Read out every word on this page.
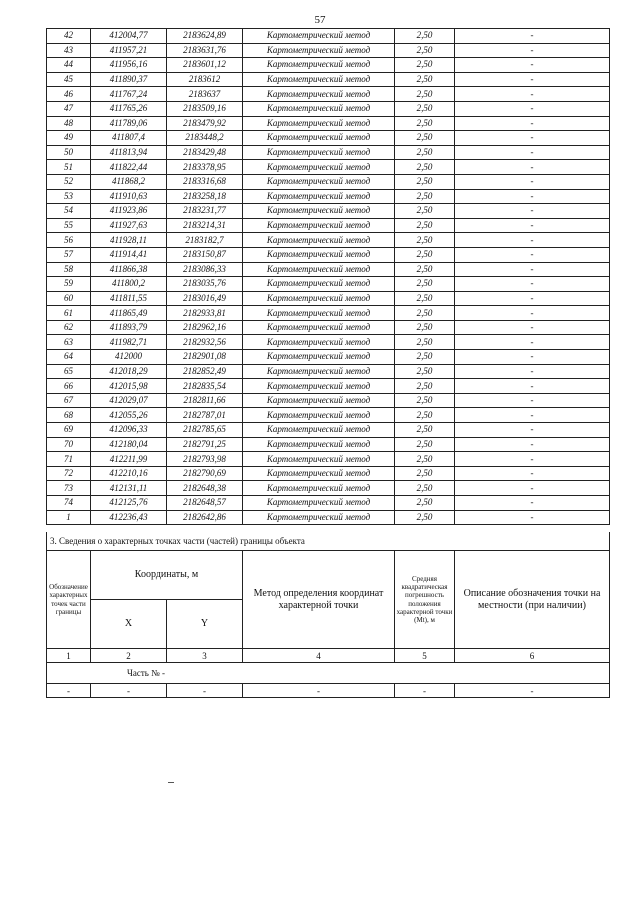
57
42	412004,77	2183624,89	Картометрический метод	2,50	-
43	411957,21	2183631,76	Картометрический метод	2,50	-
44	411956,16	2183601,12	Картометрический метод	2,50	-
45	411890,37	2183612	Картометрический метод	2,50	-
46	411767,24	2183637	Картометрический метод	2,50	-
47	411765,26	2183509,16	Картометрический метод	2,50	-
48	411789,06	2183479,92	Картометрический метод	2,50	-
49	411807,4	2183448,2	Картометрический метод	2,50	-
50	411813,94	2183429,48	Картометрический метод	2,50	-
51	411822,44	2183378,95	Картометрический метод	2,50	-
52	411868,2	2183316,68	Картометрический метод	2,50	-
53	411910,63	2183258,18	Картометрический метод	2,50	-
54	411923,86	2183231,77	Картометрический метод	2,50	-
55	411927,63	2183214,31	Картометрический метод	2,50	-
56	411928,11	2183182,7	Картометрический метод	2,50	-
57	411914,41	2183150,87	Картометрический метод	2,50	-
58	411866,38	2183086,33	Картометрический метод	2,50	-
59	411800,2	2183035,76	Картометрический метод	2,50	-
60	411811,55	2183016,49	Картометрический метод	2,50	-
61	411865,49	2182933,81	Картометрический метод	2,50	-
62	411893,79	2182962,16	Картометрический метод	2,50	-
63	411982,71	2182932,56	Картометрический метод	2,50	-
64	412000	2182901,08	Картометрический метод	2,50	-
65	412018,29	2182852,49	Картометрический метод	2,50	-
66	412015,98	2182835,54	Картометрический метод	2,50	-
67	412029,07	2182811,66	Картометрический метод	2,50	-
68	412055,26	2182787,01	Картометрический метод	2,50	-
69	412096,33	2182785,65	Картометрический метод	2,50	-
70	412180,04	2182791,25	Картометрический метод	2,50	-
71	412211,99	2182793,98	Картометрический метод	2,50	-
72	412210,16	2182790,69	Картометрический метод	2,50	-
73	412131,11	2182648,38	Картометрический метод	2,50	-
74	412125,76	2182648,57	Картометрический метод	2,50	-
1	412236,43	2182642,86	Картометрический метод	2,50	-
3. Сведения о характерных точках части (частей) границы объекта					
Обозначение характерных точек части границы	Координаты, м		Метод определения координат характерной точки	Средняя квадратическая погрешность положения характерной точки (Mt), м	Описание обозначения точки на местности (при наличии)
	X	Y			
1	2	3	4	5	6
Часть № -					
-	-	-	-	-	-
